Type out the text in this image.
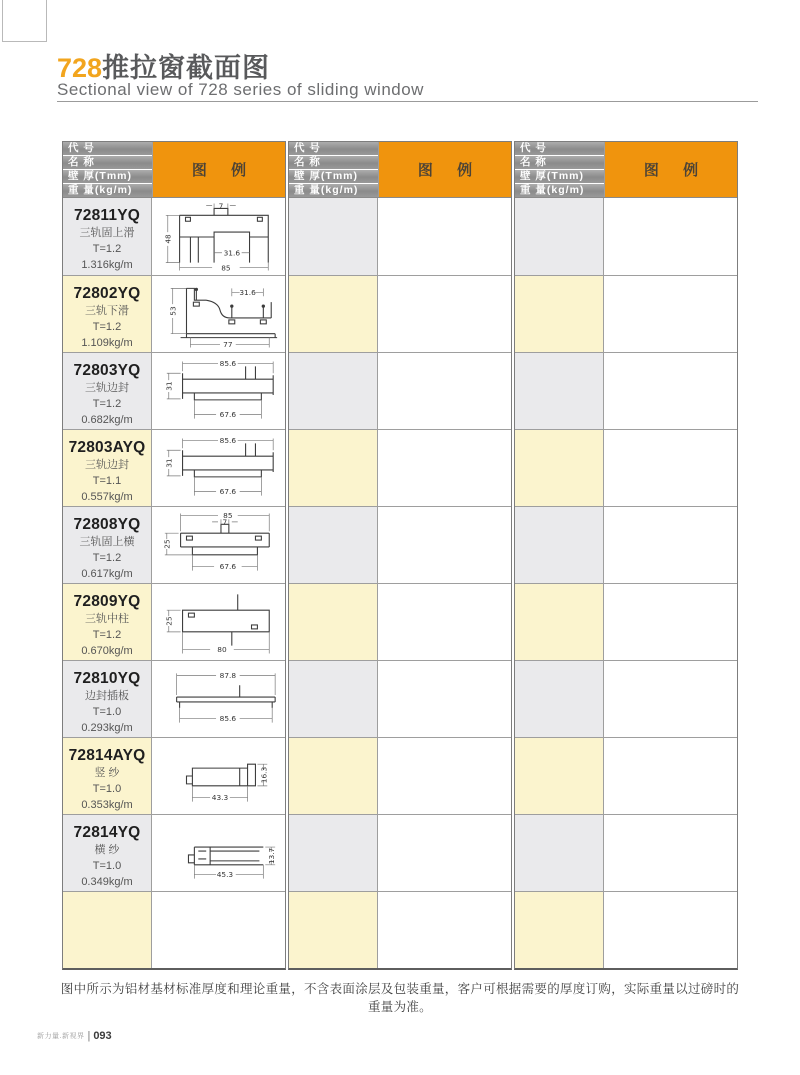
728推拉窗截面图
Sectional view of 728 series of sliding window
代 号
名 称
壁 厚(Tmm)
重 量(kg/m)
图 例
72811YQ
三轨固上滑
T=1.2
1.316kg/m
7
48
31.6
85
72802YQ
三轨下滑
T=1.2
1.109kg/m
31.6
53
77
72803YQ
三轨边封
T=1.2
0.682kg/m
85.6
31
67.6
72803AYQ
三轨边封
T=1.1
0.557kg/m
85.6
31
67.6
72808YQ
三轨固上横
T=1.2
0.617kg/m
85
7
25
67.6
72809YQ
三轨中柱
T=1.2
0.670kg/m
25
80
72810YQ
边封插板
T=1.0
0.293kg/m
87.8
85.6
72814AYQ
竖 纱
T=1.0
0.353kg/m
16.3
43.3
72814YQ
横 纱
T=1.0
0.349kg/m
13.7
45.3
代 号
名 称
壁 厚(Tmm)
重 量(kg/m)
图 例
代 号
名 称
壁 厚(Tmm)
重 量(kg/m)
图 例
图中所示为铝材基材标准厚度和理论重量，不含表面涂层及包装重量，客户可根据需要的厚度订购，实际重量以过磅时的重量为准。
新力量.新视界 | 093
